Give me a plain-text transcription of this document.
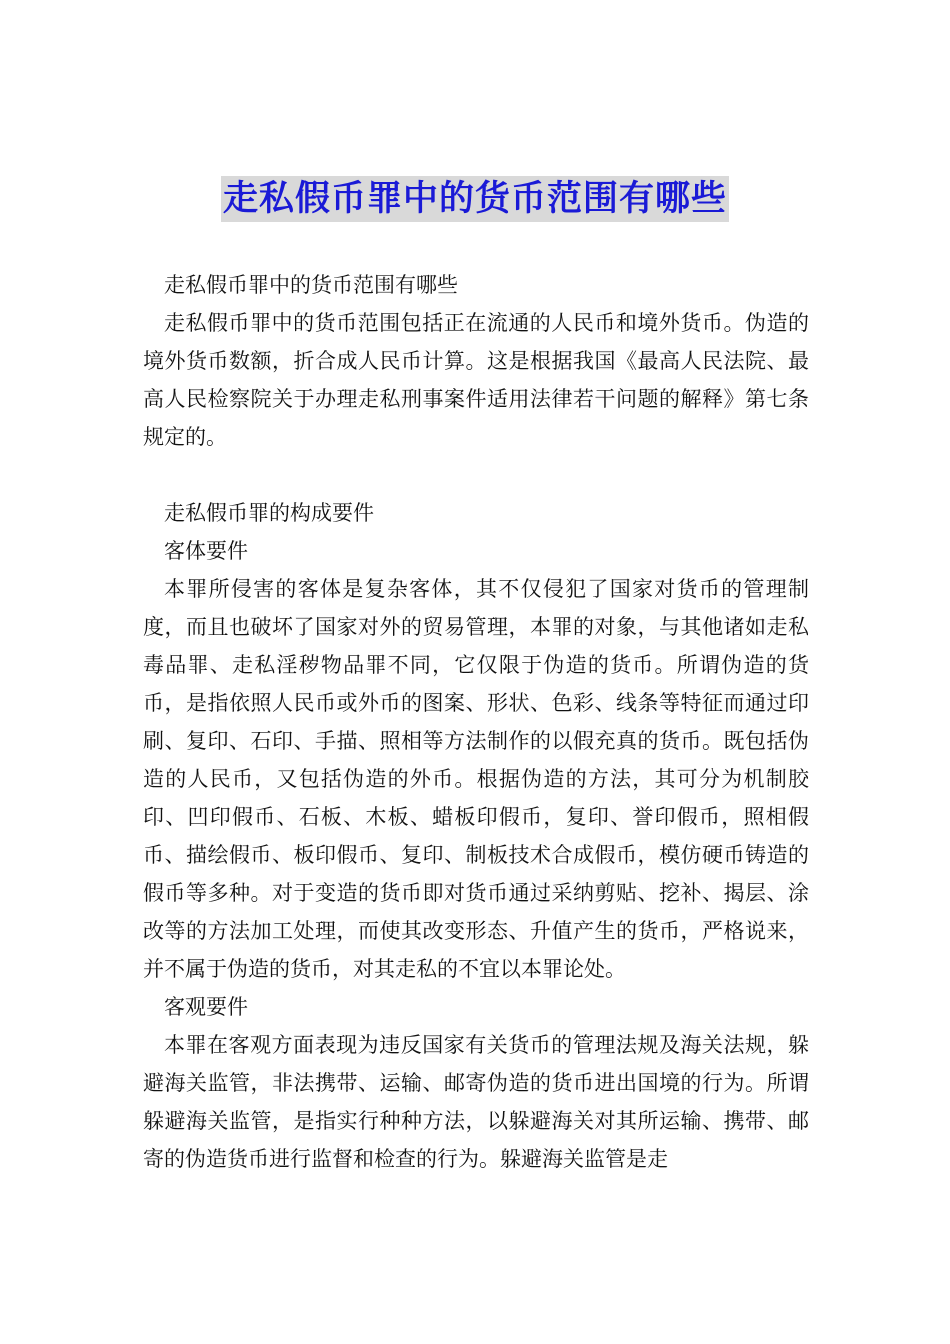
走私假币罪中的货币范围有哪些

走私假币罪中的货币范围有哪些

走私假币罪中的货币范围包括正在流通的人民币和境外货币。伪造的境外货币数额，折合成人民币计算。这是根据我国《最高人民法院、最高人民检察院关于办理走私刑事案件适用法律若干问题的解释》第七条规定的。

走私假币罪的构成要件

客体要件

本罪所侵害的客体是复杂客体，其不仅侵犯了国家对货币的管理制度，而且也破坏了国家对外的贸易管理，本罪的对象，与其他诸如走私毒品罪、走私淫秽物品罪不同，它仅限于伪造的货币。所谓伪造的货币，是指依照人民币或外币的图案、形状、色彩、线条等特征而通过印刷、复印、石印、手描、照相等方法制作的以假充真的货币。既包括伪造的人民币，又包括伪造的外币。根据伪造的方法，其可分为机制胶印、凹印假币、石板、木板、蜡板印假币，复印、誉印假币，照相假币、描绘假币、板印假币、复印、制板技术合成假币，模仿硬币铸造的假币等多种。对于变造的货币即对货币通过采纳剪贴、挖补、揭层、涂改等的方法加工处理，而使其改变形态、升值产生的货币，严格说来，并不属于伪造的货币，对其走私的不宜以本罪论处。

客观要件

本罪在客观方面表现为违反国家有关货币的管理法规及海关法规，躲避海关监管，非法携带、运输、邮寄伪造的货币进出国境的行为。所谓躲避海关监管，是指实行种种方法，以躲避海关对其所运输、携带、邮寄的伪造货币进行监督和检查的行为。躲避海关监管是走
